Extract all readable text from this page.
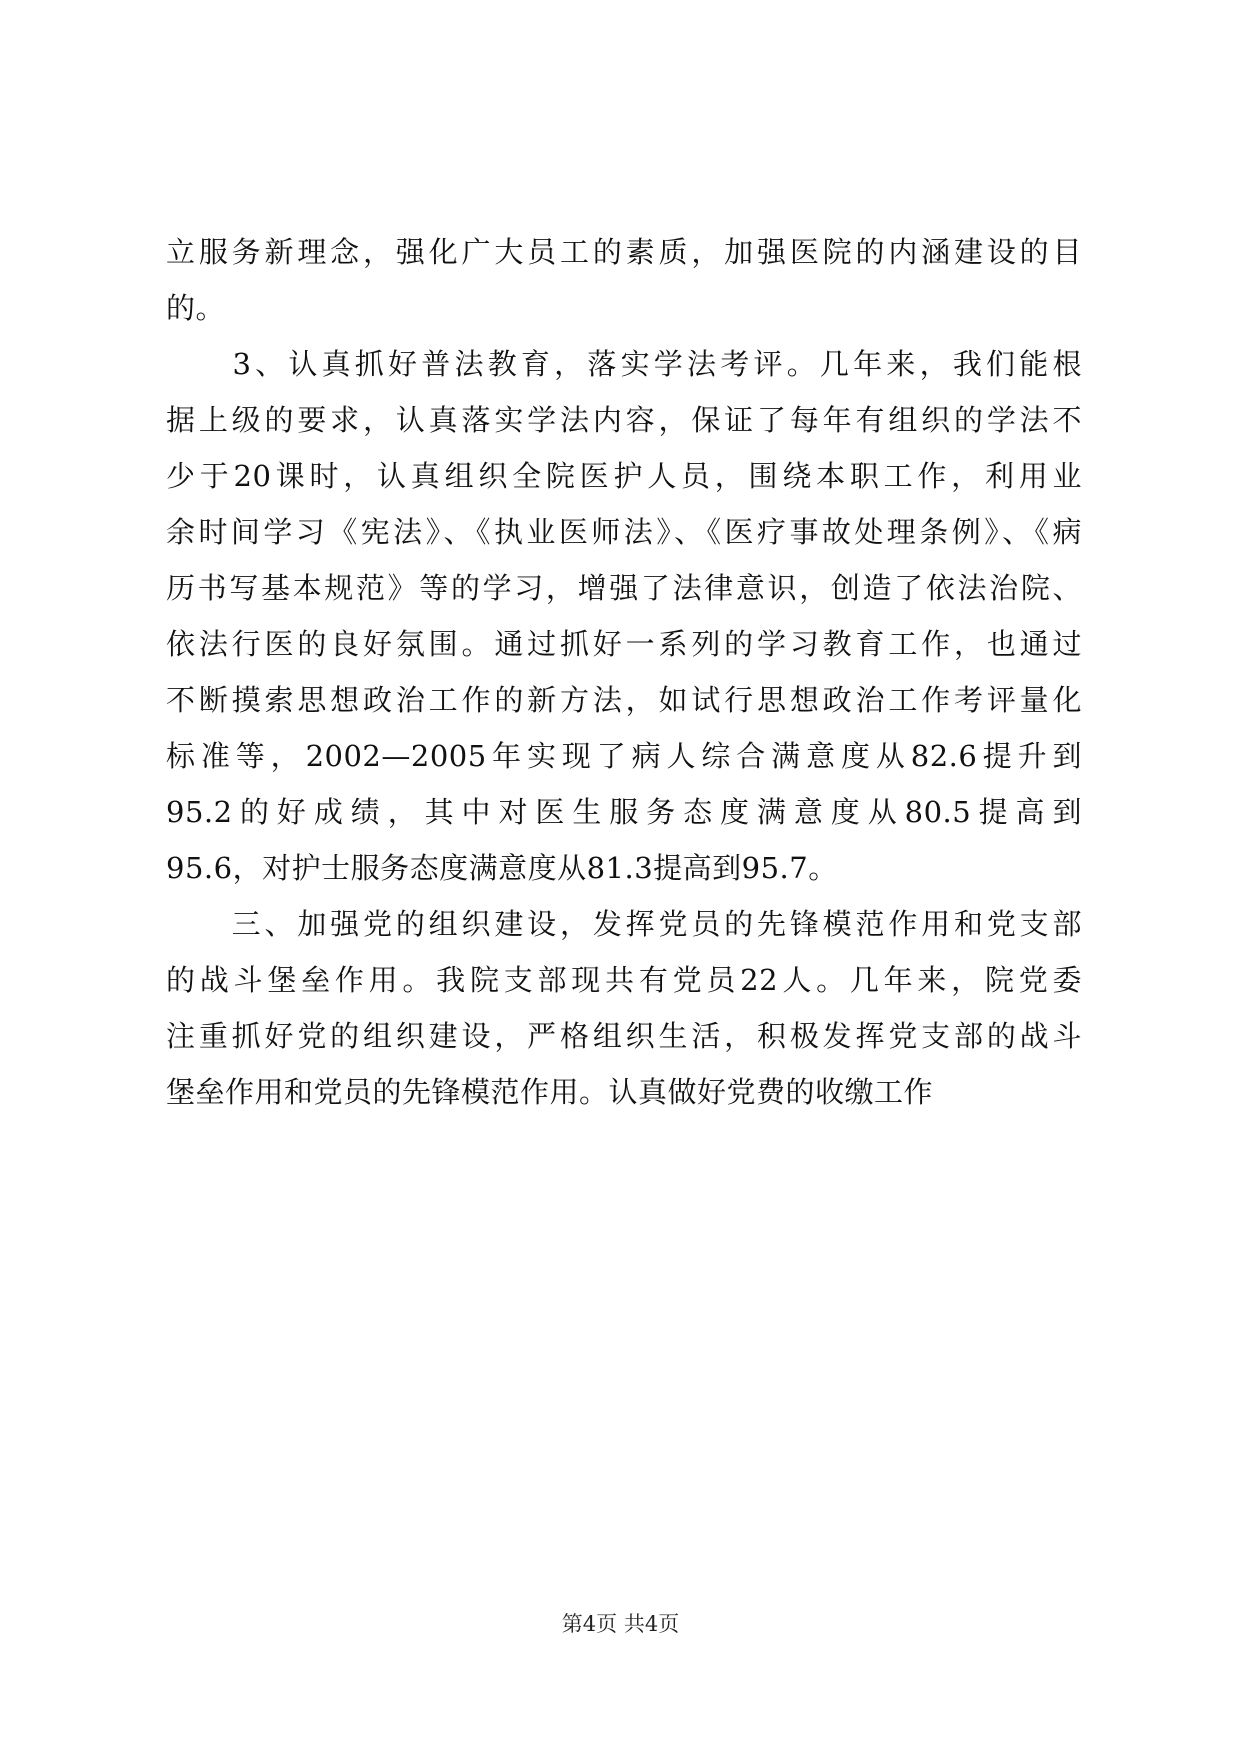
立服务新理念，强化广大员工的素质，加强医院的内涵建设的目
的。
　　3、认真抓好普法教育，落实学法考评。几年来，我们能根
据上级的要求，认真落实学法内容，保证了每年有组织的学法不
少于20课时，认真组织全院医护人员，围绕本职工作，利用业
余时间学习《宪法》、《执业医师法》、《医疗事故处理条例》、《病
历书写基本规范》等的学习，增强了法律意识，创造了依法治院、
依法行医的良好氛围。通过抓好一系列的学习教育工作，也通过
不断摸索思想政治工作的新方法，如试行思想政治工作考评量化
标准等，2002—2005年实现了病人综合满意度从82.6提升到
95.2的好成绩，其中对医生服务态度满意度从80.5提高到
95.6，对护士服务态度满意度从81.3提高到95.7。
　　三、加强党的组织建设，发挥党员的先锋模范作用和党支部
的战斗堡垒作用。我院支部现共有党员22人。几年来，院党委
注重抓好党的组织建设，严格组织生活，积极发挥党支部的战斗
堡垒作用和党员的先锋模范作用。认真做好党费的收缴工作
第4页 共4页
